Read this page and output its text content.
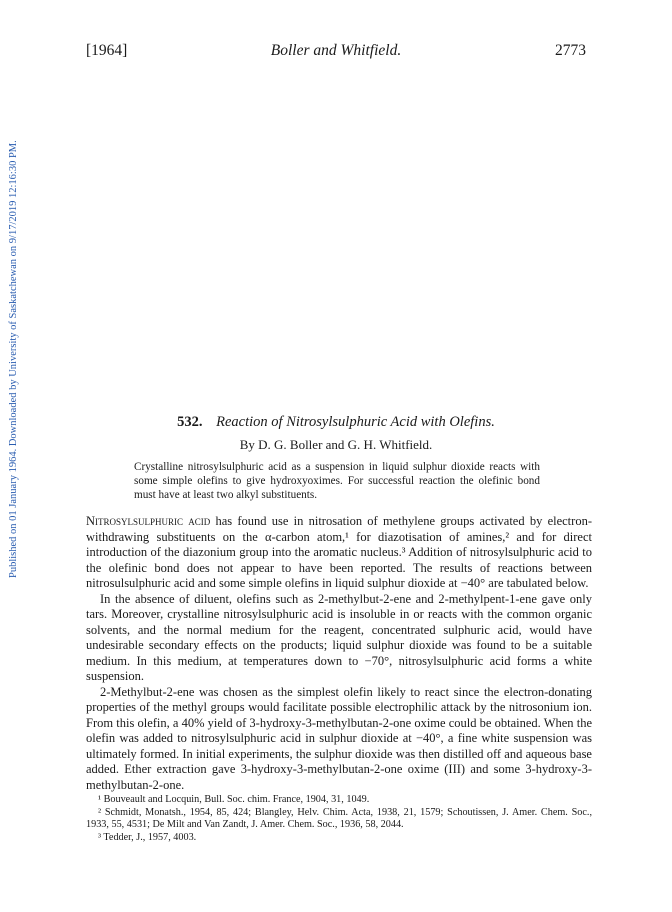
Published on 01 January 1964. Downloaded by University of Saskatchewan on 9/17/2019 12:16:30 PM.
[1964]	Boller and Whitfield.	2773
532. Reaction of Nitrosylsulphuric Acid with Olefins.
By D. G. Boller and G. H. Whitfield.
Crystalline nitrosylsulphuric acid as a suspension in liquid sulphur dioxide reacts with some simple olefins to give hydroxyoximes. For successful reaction the olefinic bond must have at least two alkyl substituents.

Nitrosylsulphuric acid has found use in nitrosation of methylene groups activated by electron-withdrawing substituents on the α-carbon atom,¹ for diazotisation of amines,² and for direct introduction of the diazonium group into the aromatic nucleus.³ Addition of nitrosylsulphuric acid to the olefinic bond does not appear to have been reported. The results of reactions between nitrosulsulphuric acid and some simple olefins in liquid sulphur dioxide at −40° are tabulated below.

In the absence of diluent, olefins such as 2-methylbut-2-ene and 2-methylpent-1-ene gave only tars. Moreover, crystalline nitrosylsulphuric acid is insoluble in or reacts with the common organic solvents, and the normal medium for the reagent, concentrated sulphuric acid, would have undesirable secondary effects on the products; liquid sulphur dioxide was found to be a suitable medium. In this medium, at temperatures down to −70°, nitrosylsulphuric acid forms a white suspension.

2-Methylbut-2-ene was chosen as the simplest olefin likely to react since the electron-donating properties of the methyl groups would facilitate possible electrophilic attack by the nitrosonium ion. From this olefin, a 40% yield of 3-hydroxy-3-methylbutan-2-one oxime could be obtained. When the olefin was added to nitrosylsulphuric acid in sulphur dioxide at −40°, a fine white suspension was ultimately formed. In initial experiments, the sulphur dioxide was then distilled off and aqueous base added. Ether extraction gave 3-hydroxy-3-methylbutan-2-one oxime (III) and some 3-hydroxy-3-methylbutan-2-one.

¹ Bouveault and Locquin, Bull. Soc. chim. France, 1904, 31, 1049.
² Schmidt, Monatsh., 1954, 85, 424; Blangley, Helv. Chim. Acta, 1938, 21, 1579; Schoutissen, J. Amer. Chem. Soc., 1933, 55, 4531; De Milt and Van Zandt, J. Amer. Chem. Soc., 1936, 58, 2044.
³ Tedder, J., 1957, 4003.
